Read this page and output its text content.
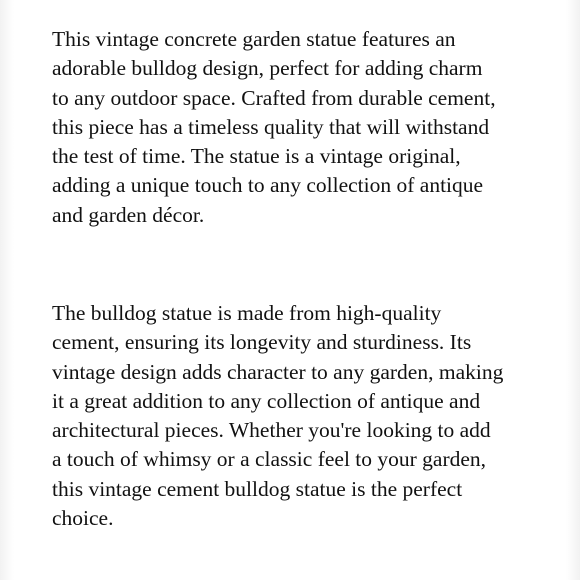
This vintage concrete garden statue features an
adorable bulldog design, perfect for adding charm
to any outdoor space. Crafted from durable cement,
this piece has a timeless quality that will withstand
the test of time. The statue is a vintage original,
adding a unique touch to any collection of antique
and garden décor.

The bulldog statue is made from high-quality
cement, ensuring its longevity and sturdiness. Its
vintage design adds character to any garden, making
it a great addition to any collection of antique and
architectural pieces. Whether you're looking to add
a touch of whimsy or a classic feel to your garden,
this vintage cement bulldog statue is the perfect
choice.
